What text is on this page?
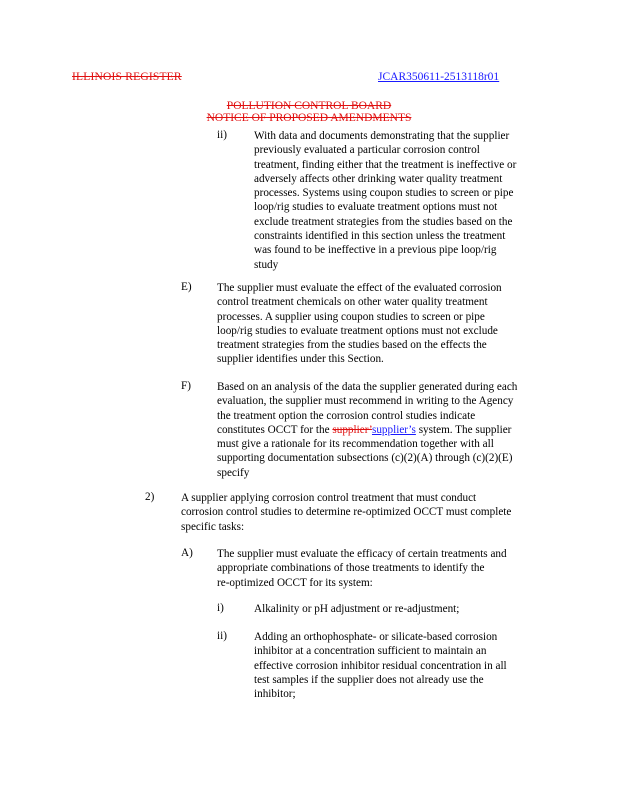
ILLINOIS REGISTER	JCAR350611-2513118r01
POLLUTION CONTROL BOARD
NOTICE OF PROPOSED AMENDMENTS
ii) With data and documents demonstrating that the supplier

previously evaluated a particular corrosion control

treatment, finding either that the treatment is ineffective or

adversely affects other drinking water quality treatment

processes. Systems using coupon studies to screen or pipe

loop/rig studies to evaluate treatment options must not

exclude treatment strategies from the studies based on the

constraints identified in this section unless the treatment

was found to be ineffective in a previous pipe loop/rig

study

E) The supplier must evaluate the effect of the evaluated corrosion

control treatment chemicals on other water quality treatment

processes. A supplier using coupon studies to screen or pipe

loop/rig studies to evaluate treatment options must not exclude

treatment strategies from the studies based on the effects the

supplier identifies under this Section.

F) Based on an analysis of the data the supplier generated during each

evaluation, the supplier must recommend in writing to the Agency

the treatment option the corrosion control studies indicate

constitutes OCCT for the supplier’supplier’s system. The supplier

must give a rationale for its recommendation together with all

supporting documentation subsections (c)(2)(A) through (c)(2)(E)

specify

2) A supplier applying corrosion control treatment that must conduct

corrosion control studies to determine re-optimized OCCT must complete

specific tasks:

A) The supplier must evaluate the efficacy of certain treatments and

appropriate combinations of those treatments to identify the

re-optimized OCCT for its system:

i)	Alkalinity or pH adjustment or re-adjustment;

ii) Adding an orthophosphate- or silicate-based corrosion

inhibitor at a concentration sufficient to maintain an

effective corrosion inhibitor residual concentration in all

test samples if the supplier does not already use the

inhibitor;
